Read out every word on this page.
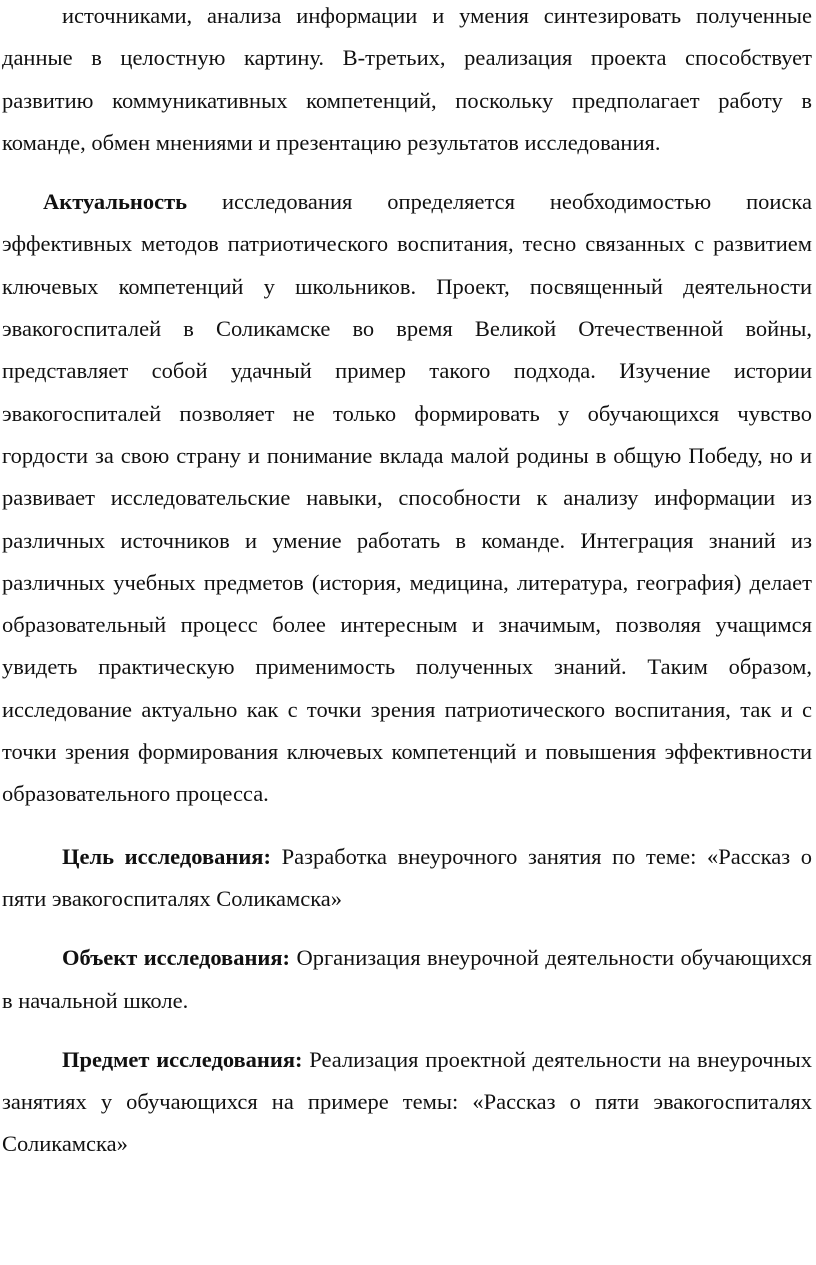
источниками, анализа информации и умения синтезировать полученные данные в целостную картину. В-третьих, реализация проекта способствует развитию коммуникативных компетенций, поскольку предполагает работу в команде, обмен мнениями и презентацию результатов исследования.

Актуальность исследования определяется необходимостью поиска эффективных методов патриотического воспитания, тесно связанных с развитием ключевых компетенций у школьников. Проект, посвященный деятельности эвакогоспиталей в Соликамске во время Великой Отечественной войны, представляет собой удачный пример такого подхода. Изучение истории эвакогоспиталей позволяет не только формировать у обучающихся чувство гордости за свою страну и понимание вклада малой родины в общую Победу, но и развивает исследовательские навыки, способности к анализу информации из различных источников и умение работать в команде. Интеграция знаний из различных учебных предметов (история, медицина, литература, география) делает образовательный процесс более интересным и значимым, позволяя учащимся увидеть практическую применимость полученных знаний. Таким образом, исследование актуально как с точки зрения патриотического воспитания, так и с точки зрения формирования ключевых компетенций и повышения эффективности образовательного процесса.

Цель исследования: Разработка внеурочного занятия по теме: «Рассказ о пяти эвакогоспиталях Соликамска»

Объект исследования: Организация внеурочной деятельности обучающихся в начальной школе.

Предмет исследования: Реализация проектной деятельности на внеурочных занятиях у обучающихся на примере темы: «Рассказ о пяти эвакогоспиталях Соликамска»
